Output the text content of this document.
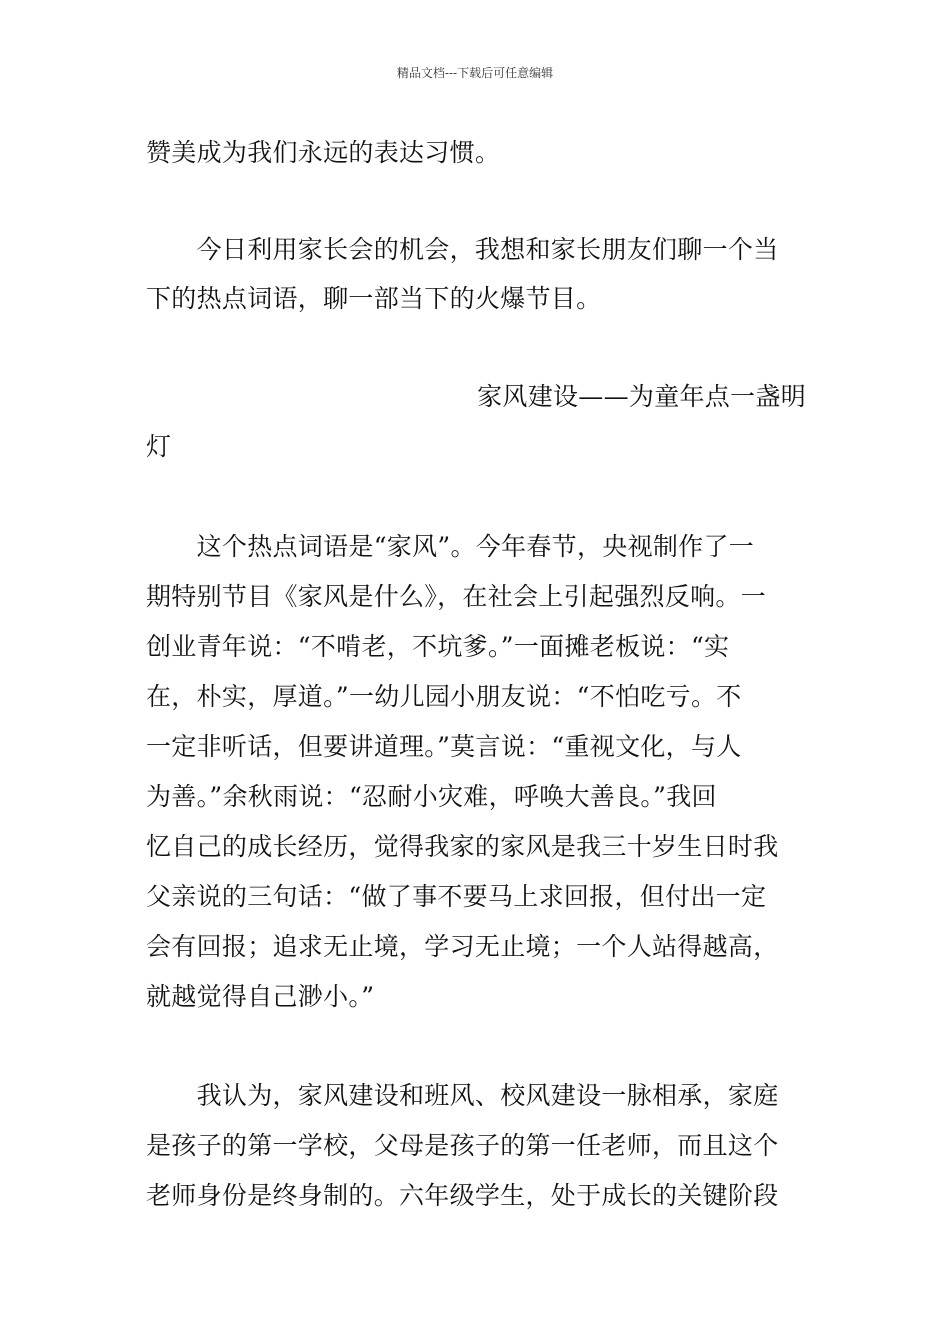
精品文档---下载后可任意编辑
赞美成为我们永远的表达习惯。
　　今日利用家长会的机会，我想和家长朋友们聊一个当
下的热点词语，聊一部当下的火爆节目。
家风建设——为童年点一盏明
灯
　　这个热点词语是“家风”。今年春节，央视制作了一
期特别节目《家风是什么》，在社会上引起强烈反响。一
创业青年说：“不啃老，不坑爹。”一面摊老板说：“实
在，朴实，厚道。”一幼儿园小朋友说：“不怕吃亏。不
一定非听话，但要讲道理。”莫言说：“重视文化，与人
为善。”余秋雨说：“忍耐小灾难，呼唤大善良。”我回
忆自己的成长经历，觉得我家的家风是我三十岁生日时我
父亲说的三句话：“做了事不要马上求回报，但付出一定
会有回报；追求无止境，学习无止境；一个人站得越高，
就越觉得自己渺小。”
　　我认为，家风建设和班风、校风建设一脉相承，家庭
是孩子的第一学校，父母是孩子的第一任老师，而且这个
老师身份是终身制的。六年级学生，处于成长的关键阶段
